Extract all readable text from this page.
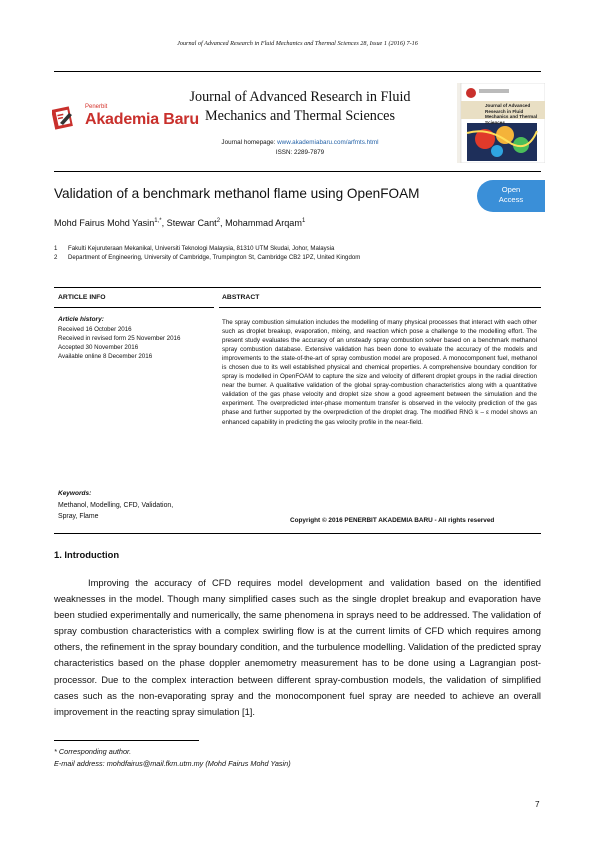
Journal of Advanced Research in Fluid Mechanics and Thermal Sciences 28, Issue 1 (2016) 7-16
Penerbit
Akademia Baru
Journal of Advanced Research in Fluid
Mechanics and Thermal Sciences
Journal homepage: www.akademiabaru.com/arfmts.html
ISSN: 2289-7879
Journal of Advanced Research in Fluid Mechanics and Thermal Sciences
Validation of a benchmark methanol flame using OpenFOAM	Open
Access
Mohd Fairus Mohd Yasin$^{1,*}$, Stewar Cant$^2$, Mohammad Arqam$^1$
1 Fakulti Kejuruteraan Mekanikal, Universiti Teknologi Malaysia, 81310 UTM Skudai, Johor, Malaysia
2 Department of Engineering, University of Cambridge, Trumpington St, Cambridge CB2 1PZ, United Kingdom
ARTICLE INFO	ABSTRACT
Article history:
Received 16 October 2016
Received in revised form 25 November 2016
Accepted 30 November 2016
Available online 8 December 2016
Keywords:
Methanol, Modelling, CFD, Validation,
Spray, Flame
The spray combustion simulation includes the modelling of many physical processes that interact with each other such as droplet breakup, evaporation, mixing, and reaction which pose a challenge to the modelling effort. The present study evaluates the accuracy of an unsteady spray combustion solver based on a benchmark methanol spray combustion database. Extensive validation has been done to evaluate the accuracy of the models and improvements to the state-of-the-art of spray combustion model are proposed. A monocomponent fuel, methanol is chosen due to its well established physical and chemical properties. A comprehensive boundary condition for spray is modelled in OpenFOAM to capture the size and velocity of different droplet groups in the radial direction near the burner. A qualitative validation of the global spray-combustion characteristics along with a quantitative validation of the gas phase velocity and droplet size show a good agreement between the simulation and the experiment. The overpredicted inter-phase momentum transfer is observed in the velocity prediction of the gas phase and further supported by the overprediction of the droplet drag. The modified RNG k – ε model shows an enhanced capability in predicting the gas velocity profile in the near-field.
Copyright © 2016 PENERBIT AKADEMIA BARU - All rights reserved
1. Introduction
Improving the accuracy of CFD requires model development and validation based on the identified weaknesses in the model. Though many simplified cases such as the single droplet breakup and evaporation have been studied experimentally and numerically, the same phenomena in sprays need to be addressed. The validation of spray combustion characteristics with a complex swirling flow is at the current limits of CFD which requires among others, the refinement in the spray boundary condition, and the turbulence modelling. Validation of the predicted spray characteristics based on the phase doppler anemometry measurement has to be done using a Lagrangian post-processor. Due to the complex interaction between different spray-combustion models, the validation of simplified cases such as the non-evaporating spray and the monocomponent fuel spray are needed to achieve an overall improvement in the reacting spray simulation [1].
* Corresponding author.
E-mail address: mohdfairus@mail.fkm.utm.my (Mohd Fairus Mohd Yasin)
7
